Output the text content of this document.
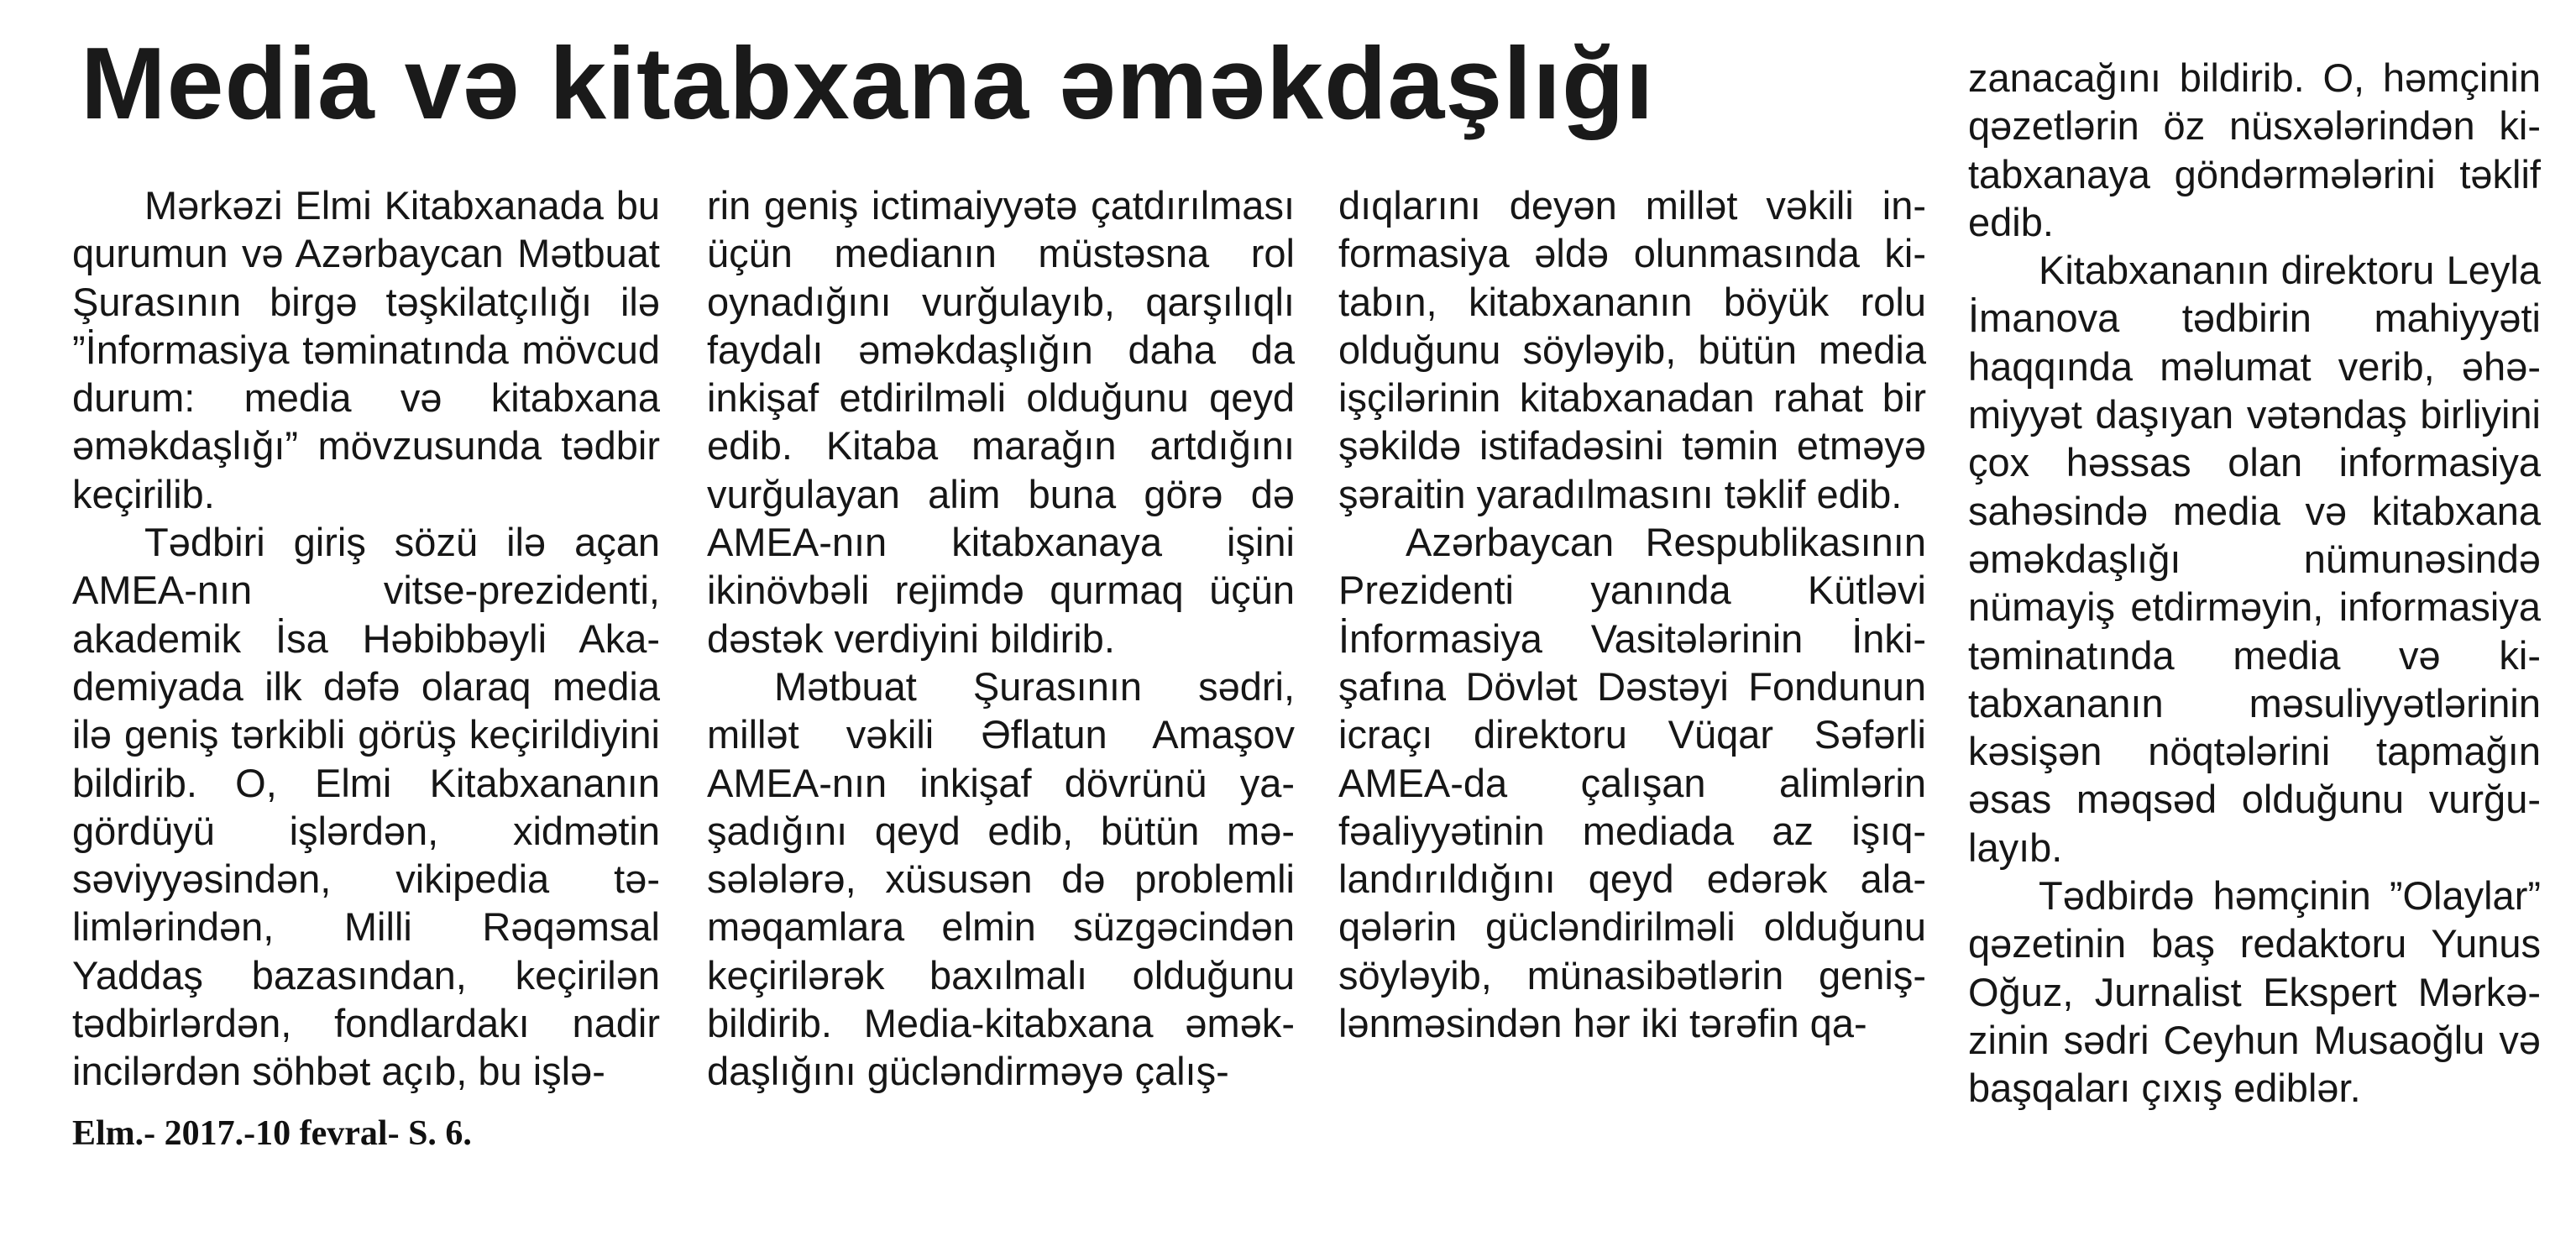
Media və kitabxana əməkdaşlığı

Mərkəzi Elmi Kitabxanada bu qurumun və Azərbaycan Mətbuat Şurasının birgə təşkilatçılığı ilə ”İnformasiya təminatında mövcud durum: media və kitabxana əməkdaşlığı” mövzusunda tədbir keçirilib.

Tədbiri giriş sözü ilə açan AMEA-nın vitse-prezidenti, akademik İsa Həbibbəyli Akademiyada ilk dəfə olaraq media ilə geniş tərkibli görüş keçirildiyini bildirib. O, Elmi Kitabxananın gördüyü işlərdən, xidmətin səviyyəsindən, vikipedia təlimlərindən, Milli Rəqəmsal Yaddaş bazasından, keçirilən tədbirlərdən, fondlardakı nadir incilərdən söhbət açıb, bu işlə-

rin geniş ictimaiyyətə çatdırılması üçün medianın müstəsna rol oynadığını vurğulayıb, qarşılıqlı faydalı əməkdaşlığın daha da inkişaf etdirilməli olduğunu qeyd edib. Kitaba marağın artdığını vurğulayan alim buna görə də AMEA-nın kitabxanaya işini ikinövbəli rejimdə qurmaq üçün dəstək verdiyini bildirib.

Mətbuat Şurasının sədri, millət vəkili Əflatun Amaşov AMEA-nın inkişaf dövrünü yaşadığını qeyd edib, bütün məsələlərə, xüsusən də problemli məqamlara elmin süzgəcindən keçirilərək baxılmalı olduğunu bildirib. Media-kitabxana əməkdaşlığını gücləndirməyə çalış-

dıqlarını deyən millət vəkili informasiya əldə olunmasında kitabın, kitabxananın böyük rolu olduğunu söyləyib, bütün media işçilərinin kitabxanadan rahat bir şəkildə istifadəsini təmin etməyə şəraitin yaradılmasını təklif edib.

Azərbaycan Respublikasının Prezidenti yanında Kütləvi İnformasiya Vasitələrinin İnkişafına Dövlət Dəstəyi Fondunun icraçı direktoru Vüqar Səfərli AMEA-da çalışan alimlərin fəaliyyətinin mediada az işıqlandırıldığını qeyd edərək alaqələrin gücləndirilməli olduğunu söyləyib, münasibətlərin genişlənməsindən hər iki tərəfin qa-

zanacağını bildirib. O, həmçinin qəzetlərin öz nüsxələrindən kitabxanaya göndərmələrini təklif edib.

Kitabxananın direktoru Leyla İmanova tədbirin mahiyyəti haqqında məlumat verib, əhəmiyyət daşıyan vətəndaş birliyini çox həssas olan informasiya sahəsində media və kitabxana əməkdaşlığı nümunəsində nümayiş etdirməyin, informasiya təminatında media və kitabxananın məsuliyyətlərinin kəsişən nöqtələrini tapmağın əsas məqsəd olduğunu vurğulayıb.

Tədbirdə həmçinin ”Olaylar” qəzetinin baş redaktoru Yunus Oğuz, Jurnalist Ekspert Mərkəzinin sədri Ceyhun Musaoğlu və başqaları çıxış ediblər.

Elm.- 2017.-10 fevral- S. 6.
